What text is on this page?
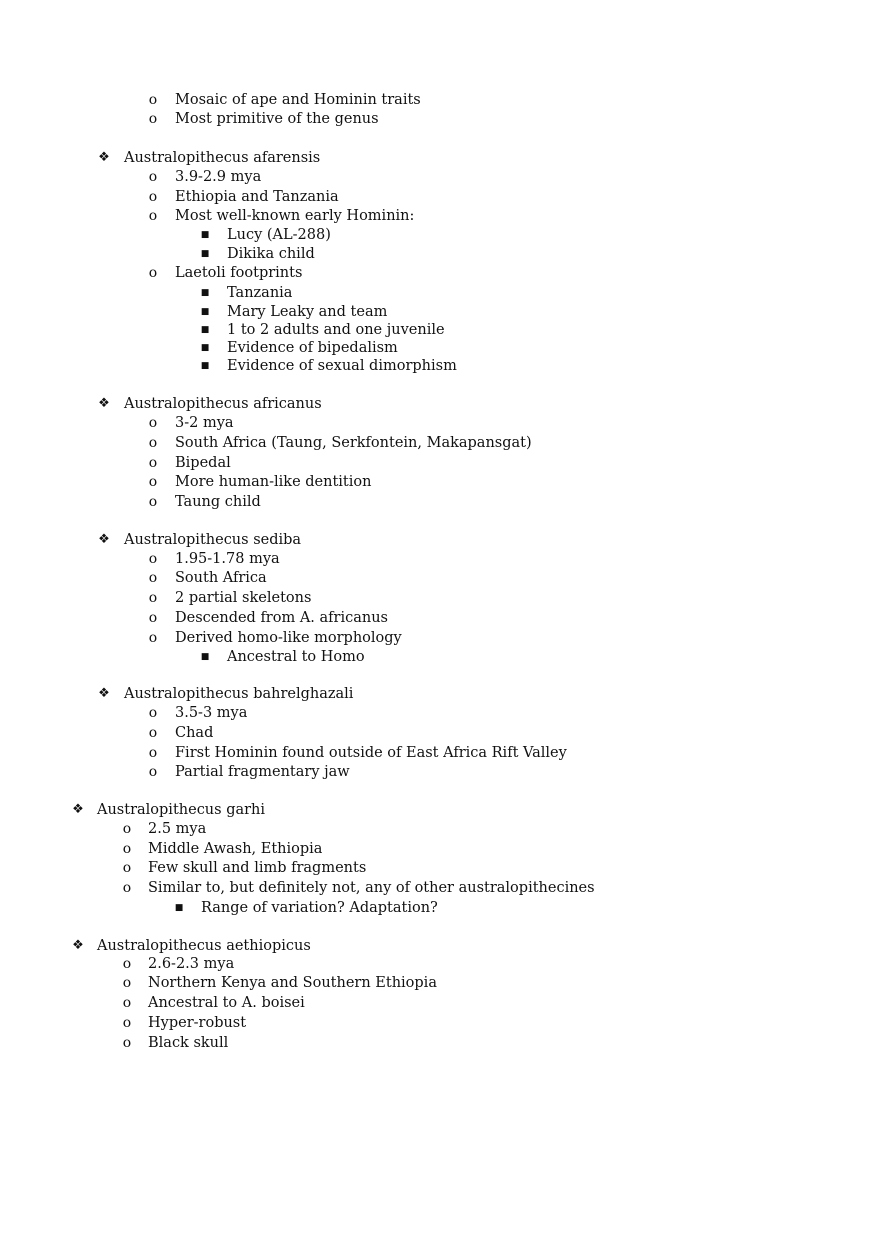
o Mosaic of ape and Hominin traits
o Most primitive of the genus
❖ Australopithecus afarensis
o 3.9-2.9 mya
o Ethiopia and Tanzania
o Most well-known early Hominin:
■ Lucy (AL-288)
■ Dikika child
o Laetoli footprints
■ Tanzania
■ Mary Leaky and team
■ 1 to 2 adults and one juvenile
■ Evidence of bipedalism
■ Evidence of sexual dimorphism
❖ Australopithecus africanus
o 3-2 mya
o South Africa (Taung, Serkfontein, Makapansgat)
o Bipedal
o More human-like dentition
o Taung child
❖ Australopithecus sediba
o 1.95-1.78 mya
o South Africa
o 2 partial skeletons
o Descended from A. africanus
o Derived homo-like morphology
■ Ancestral to Homo
❖ Australopithecus bahrelghazali
o 3.5-3 mya
o Chad
o First Hominin found outside of East Africa Rift Valley
o Partial fragmentary jaw
❖ Australopithecus garhi
o 2.5 mya
o Middle Awash, Ethiopia
o Few skull and limb fragments
o Similar to, but definitely not, any of other australopithecines
■ Range of variation? Adaptation?
❖ Australopithecus aethiopicus
o 2.6-2.3 mya
o Northern Kenya and Southern Ethiopia
o Ancestral to A. boisei
o Hyper-robust
o Black skull
